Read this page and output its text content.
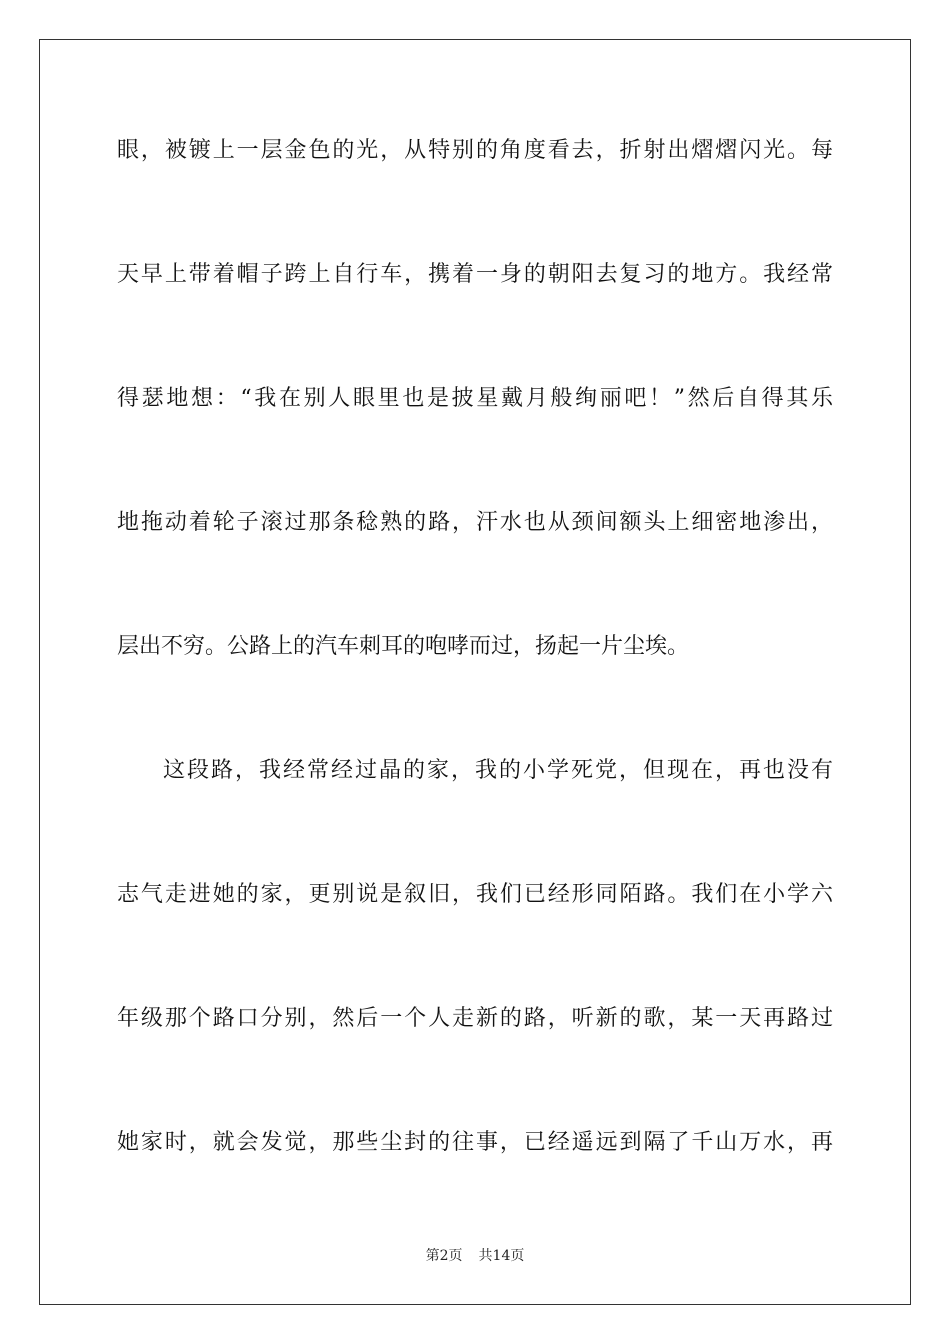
眼，被镀上一层金色的光，从特别的角度看去，折射出熠熠闪光。每
天早上带着帽子跨上自行车，携着一身的朝阳去复习的地方。我经常
得瑟地想：“我在别人眼里也是披星戴月般绚丽吧！”然后自得其乐
地拖动着轮子滚过那条稔熟的路，汗水也从颈间额头上细密地渗出，
层出不穷。公路上的汽车刺耳的咆哮而过，扬起一片尘埃。
这段路，我经常经过晶的家，我的小学死党，但现在，再也没有
志气走进她的家，更别说是叙旧，我们已经形同陌路。我们在小学六
年级那个路口分别，然后一个人走新的路，听新的歌，某一天再路过
她家时，就会发觉，那些尘封的往事，已经遥远到隔了千山万水，再
第2页 共14页
